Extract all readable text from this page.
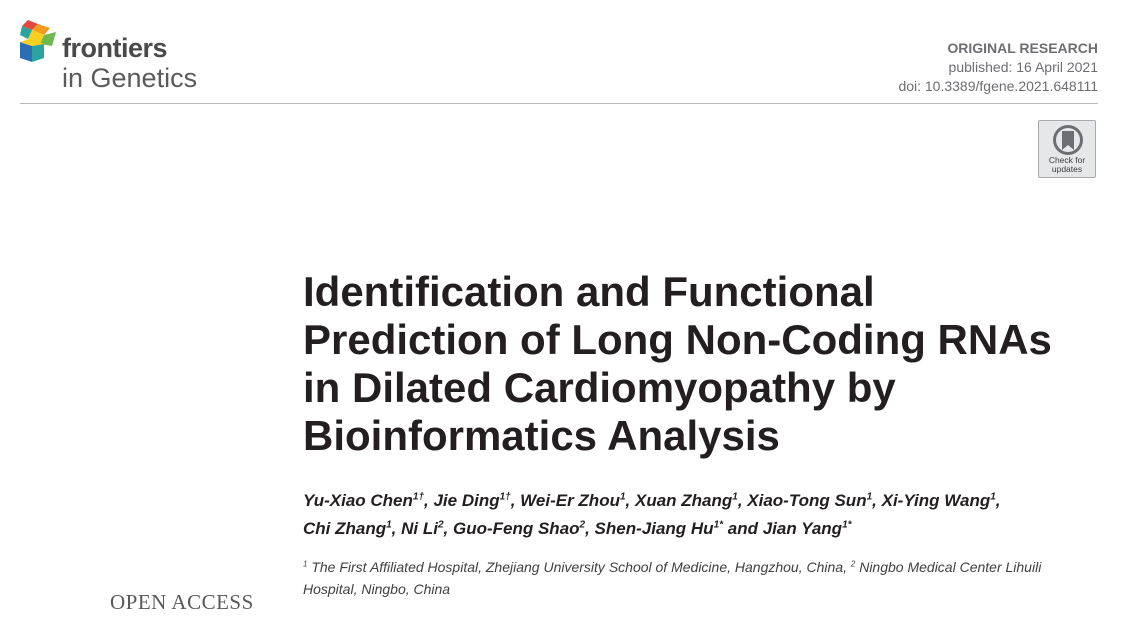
frontiers
in Genetics
ORIGINAL RESEARCH
published: 16 April 2021
doi: 10.3389/fgene.2021.648111
Check for
updates
Identification and Functional
Prediction of Long Non-Coding RNAs
in Dilated Cardiomyopathy by
Bioinformatics Analysis
Yu-Xiao Chen$^{1\dagger}$, Jie Ding$^{1\dagger}$, Wei-Er Zhou$^1$, Xuan Zhang$^1$, Xiao-Tong Sun$^1$, Xi-Ying Wang$^1$,
Chi Zhang$^1$, Ni Li$^2$, Guo-Feng Shao$^2$, Shen-Jiang $Hu^{1*}$ and Jian Yang$^{1*}$
$^1$ The First Affiliated Hospital, Zhejiang University School of Medicine, Hangzhou, China, $^2$ Ningbo Medical Center Lihuili Hospital, Ningbo, China
OPEN ACCESS
